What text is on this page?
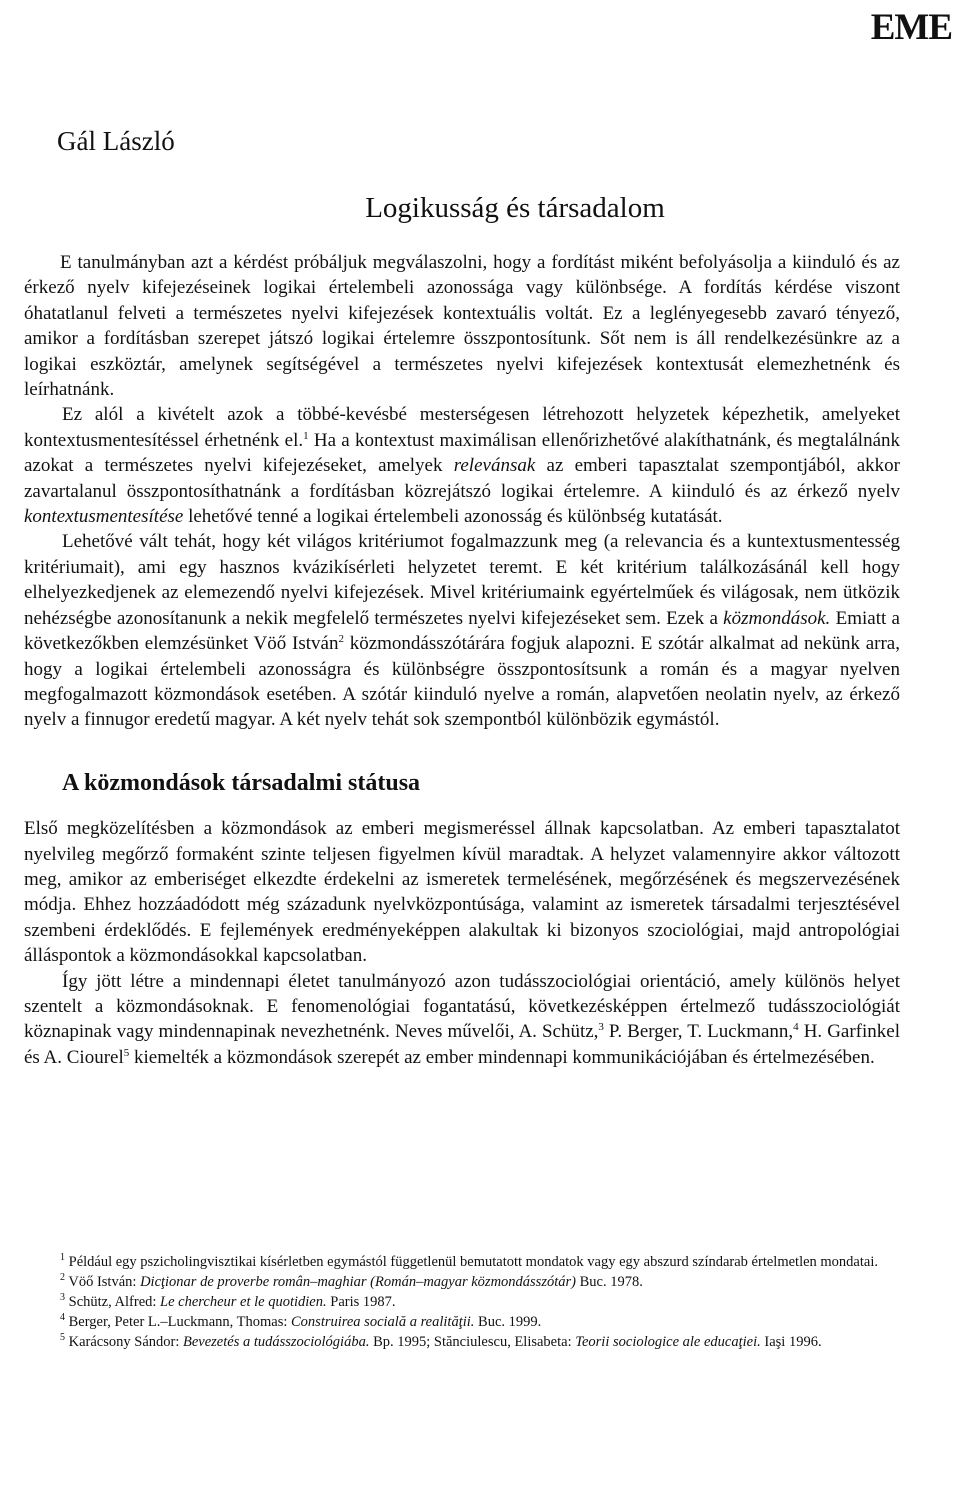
EME
Gál László
Logikusság és társadalom

E tanulmányban azt a kérdést próbáljuk megválaszolni, hogy a fordítást miként befolyásolja a kiinduló és az érkező nyelv kifejezéseinek logikai értelembeli azonossága vagy különbsége. A fordítás kérdése viszont óhatatlanul felveti a természetes nyelvi kifejezések kontextuális voltát. Ez a leglényegesebb zavaró tényező, amikor a fordításban szerepet játszó logikai értelemre összpontosítunk. Sőt nem is áll rendelkezésünkre az a logikai eszköztár, amelynek segítségével a természetes nyelvi kifejezések kontextusát elemezhetnénk és leírhatnánk.

Ez alól a kivételt azok a többé-kevésbé mesterségesen létrehozott helyzetek képezhetik, amelyeket kontextusmentesítéssel érhetnénk el.$^1$ Ha a kontextust maximálisan ellenőrizhetővé alakíthatnánk, és megtalálnánk azokat a természetes nyelvi kifejezéseket, amelyek relevánsak az emberi tapasztalat szempontjából, akkor zavartalanul összpontosíthatnánk a fordításban közrejátszó logikai értelemre. A kiinduló és az érkező nyelv kontextusmentesítése lehetővé tenné a logikai értelembeli azonosság és különbség kutatását.

Lehetővé vált tehát, hogy két világos kritériumot fogalmazzunk meg (a relevancia és a kuntextusmentesség kritériumait), ami egy hasznos kvázikísérleti helyzetet teremt. E két kritérium találkozásánál kell hogy elhelyezkedjenek az elemezendő nyelvi kifejezések. Mivel kritériumaink egyértelműek és világosak, nem ütközik nehézségbe azonosítanunk a nekik megfelelő természetes nyelvi kifejezéseket sem. Ezek a közmondások. Emiatt a következőkben elemzésünket Vöő István$^2$ közmondásszótárára fogjuk alapozni. E szótár alkalmat ad nekünk arra, hogy a logikai értelembeli azonosságra és különbségre összpontosítsunk a román és a magyar nyelven megfogalmazott közmondások esetében. A szótár kiinduló nyelve a román, alapvetően neolatin nyelv, az érkező nyelv a finnugor eredetű magyar. A két nyelv tehát sok szempontból különbözik egymástól.

A közmondások társadalmi státusa

Első megközelítésben a közmondások az emberi megismeréssel állnak kapcsolatban. Az emberi tapasztalatot nyelvileg megőrző formaként szinte teljesen figyelmen kívül maradtak. A helyzet valamennyire akkor változott meg, amikor az emberiséget elkezdte érdekelni az ismeretek termelésének, megőrzésének és megszervezésének módja. Ehhez hozzáadódott még századunk nyelvközpontúsága, valamint az ismeretek társadalmi terjesztésével szembeni érdeklődés. E fejlemények eredményeképpen alakultak ki bizonyos szociológiai, majd antropológiai álláspontok a közmondásokkal kapcsolatban.

Így jött létre a mindennapi életet tanulmányozó azon tudásszociológiai orientáció, amely különös helyet szentelt a közmondásoknak. E fenomenológiai fogantatású, következésképpen értelmező tudásszociológiát köznapinak vagy mindennapinak nevezhetnénk. Neves művelői, A. Schütz,$^3$ P. Berger, T. Luckmann,$^4$ H. Garfinkel és A. Ciourel$^5$ kiemelték a közmondások szerepét az ember mindennapi kommunikációjában és értelmezésében.

$^1$ Például egy pszicholingvisztikai kísérletben egymástól függetlenül bemutatott mondatok vagy egy abszurd színdarab értelmetlen mondatai.

$^2$ Vöő István: Dicţionar de proverbe român–maghiar (Román–magyar közmondásszótár) Buc. 1978.

$^3$ Schütz, Alfred: Le chercheur et le quotidien. Paris 1987.

$^4$ Berger, Peter L.–Luckmann, Thomas: Construirea socială a realităţii. Buc. 1999.

$^5$ Karácsony Sándor: Bevezetés a tudásszociológiába. Bp. 1995; Stănciulescu, Elisabeta: Teorii sociologice ale educaţiei. Iaşi 1996.
